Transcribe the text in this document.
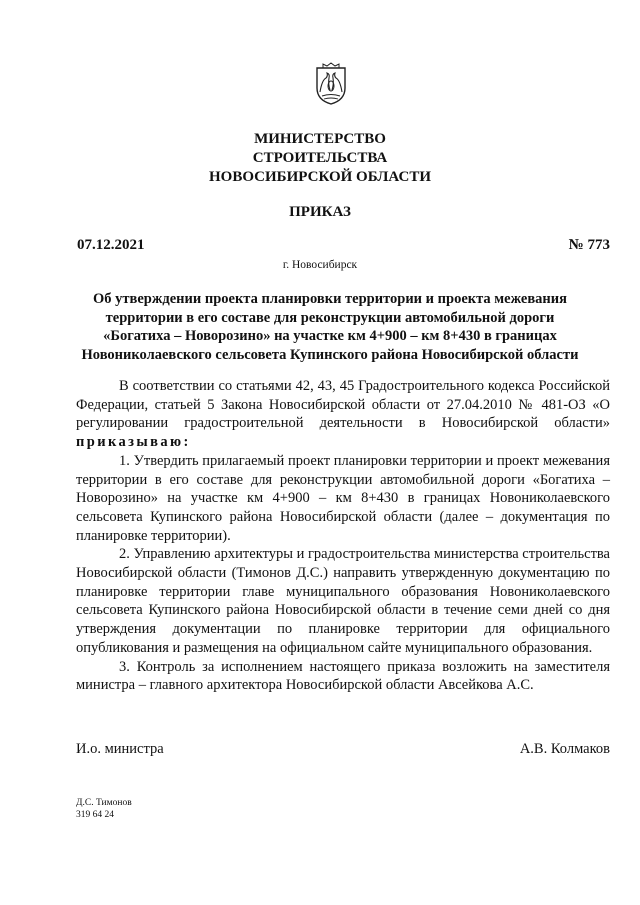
МИНИСТЕРСТВО
СТРОИТЕЛЬСТВА
НОВОСИБИРСКОЙ ОБЛАСТИ
ПРИКАЗ
07.12.2021	№ 773
г. Новосибирск
Об утверждении проекта планировки территории и проекта межевания
территории в его составе для реконструкции автомобильной дороги
«Богатиха – Новорозино» на участке км 4+900 – км 8+430 в границах
Новониколаевского сельсовета Купинского района Новосибирской области

В соответствии со статьями 42, 43, 45 Градостроительного кодекса Российской Федерации, статьей 5 Закона Новосибирской области от 27.04.2010 № 481-ОЗ «О регулировании градостроительной деятельности в Новосибирской области» приказываю:

1. Утвердить прилагаемый проект планировки территории и проект межевания территории в его составе для реконструкции автомобильной дороги «Богатиха – Новорозино» на участке км 4+900 – км 8+430 в границах Новониколаевского сельсовета Купинского района Новосибирской области (далее – документация по планировке территории).

2. Управлению архитектуры и градостроительства министерства строительства Новосибирской области (Тимонов Д.С.) направить утвержденную документацию по планировке территории главе муниципального образования Новониколаевского сельсовета Купинского района Новосибирской области в течение семи дней со дня утверждения документации по планировке территории для официального опубликования и размещения на официальном сайте муниципального образования.

3. Контроль за исполнением настоящего приказа возложить на заместителя министра – главного архитектора Новосибирской области Авсейкова А.С.

И.о. министра	А.В. Колмаков
Д.С. Тимонов
319 64 24
